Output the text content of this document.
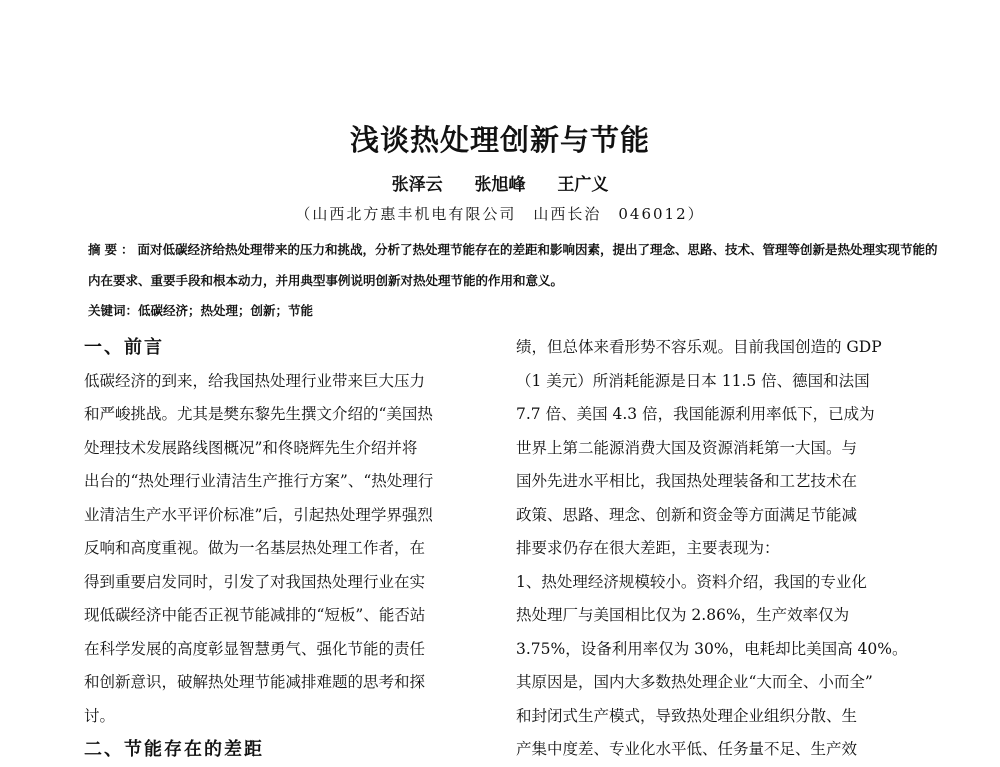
浅谈热处理创新与节能
张泽云 张旭峰 王广义
（山西北方惠丰机电有限公司　山西长治　046012）

摘要：面对低碳经济给热处理带来的压力和挑战，分析了热处理节能存在的差距和影响因素，提出了理念、思路、技术、管理等创新是热处理实现节能的内在要求、重要手段和根本动力，并用典型事例说明创新对热处理节能的作用和意义。

关键词：低碳经济；热处理；创新；节能

一、前言

低碳经济的到来，给我国热处理行业带来巨大压力

和严峻挑战。尤其是樊东黎先生撰文介绍的“美国热

处理技术发展路线图概况”和佟晓辉先生介绍并将

出台的“热处理行业清洁生产推行方案”、“热处理行

业清洁生产水平评价标准”后，引起热处理学界强烈

反响和高度重视。做为一名基层热处理工作者，在

得到重要启发同时，引发了对我国热处理行业在实

现低碳经济中能否正视节能减排的“短板”、能否站

在科学发展的高度彰显智慧勇气、强化节能的责任

和创新意识，破解热处理节能减排难题的思考和探

讨。

二、节能存在的差距

绩，但总体来看形势不容乐观。目前我国创造的 GDP

（1 美元）所消耗能源是日本 11.5 倍、德国和法国

7.7 倍、美国 4.3 倍，我国能源利用率低下，已成为

世界上第二能源消费大国及资源消耗第一大国。与

国外先进水平相比，我国热处理装备和工艺技术在

政策、思路、理念、创新和资金等方面满足节能减

排要求仍存在很大差距，主要表现为：

1、热处理经济规模较小。资料介绍，我国的专业化

热处理厂与美国相比仅为 2.86%，生产效率仅为

3.75%，设备利用率仅为 30%，电耗却比美国高 40%。

其原因是，国内大多数热处理企业“大而全、小而全”

和封闭式生产模式，导致热处理企业组织分散、生

产集中度差、专业化水平低、任务量不足、生产效
